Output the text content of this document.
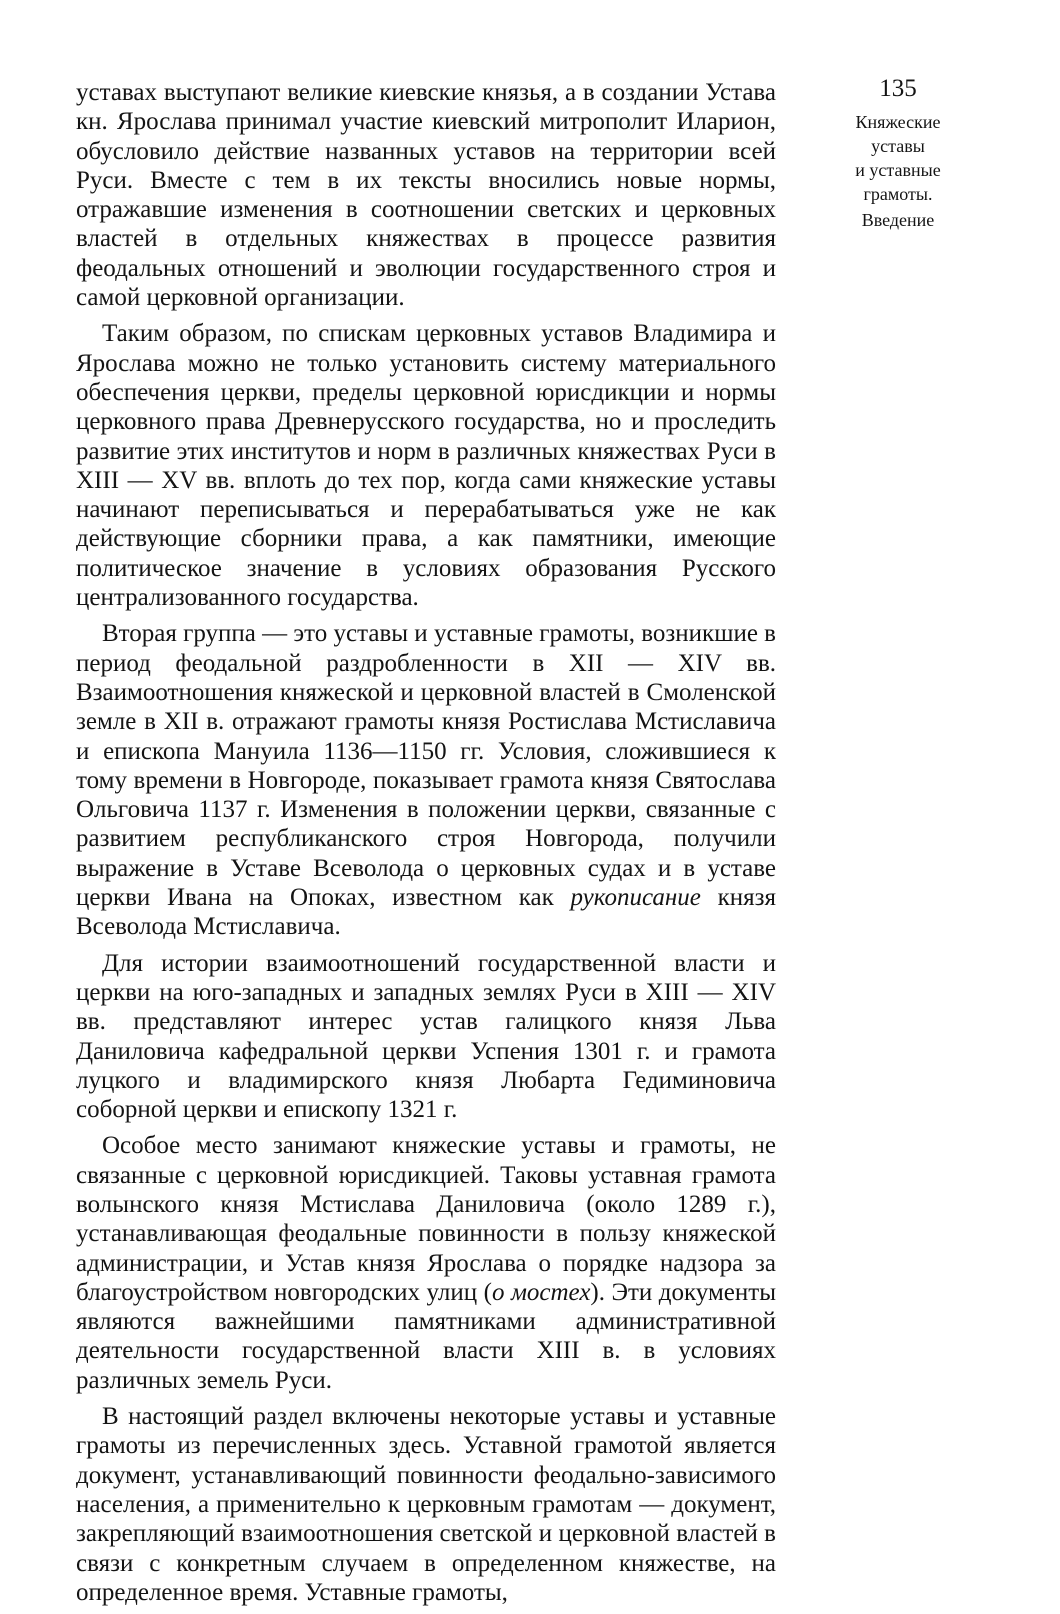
уставах выступают великие киевские князья, а в создании Устава кн. Ярослава принимал участие киевский митрополит Иларион, обусловило действие названных уставов на территории всей Руси. Вместе с тем в их тексты вносились новые нормы, отражавшие изменения в соотношении светских и церковных властей в отдельных княжествах в процессе развития феодальных отношений и эволюции государственного строя и самой церковной организации.

Таким образом, по спискам церковных уставов Владимира и Ярослава можно не только установить систему материального обеспечения церкви, пределы церковной юрисдикции и нормы церковного права Древнерусского государства, но и проследить развитие этих институтов и норм в различных княжествах Руси в XIII — XV вв. вплоть до тех пор, когда сами княжеские уставы начинают переписываться и перерабатываться уже не как действующие сборники права, а как памятники, имеющие политическое значение в условиях образования Русского централизованного государства.

Вторая группа — это уставы и уставные грамоты, возникшие в период феодальной раздробленности в XII — XIV вв. Взаимоотношения княжеской и церковной властей в Смоленской земле в XII в. отражают грамоты князя Ростислава Мстиславича и епископа Мануила 1136—1150 гг. Условия, сложившиеся к тому времени в Новгороде, показывает грамота князя Святослава Ольговича 1137 г. Изменения в положении церкви, связанные с развитием республиканского строя Новгорода, получили выражение в Уставе Всеволода о церковных судах и в уставе церкви Ивана на Опоках, известном как рукописание князя Всеволода Мстиславича.

Для истории взаимоотношений государственной власти и церкви на юго-западных и западных землях Руси в XIII — XIV вв. представляют интерес устав галицкого князя Льва Даниловича кафедральной церкви Успения 1301 г. и грамота луцкого и владимирского князя Любарта Гедиминовича соборной церкви и епископу 1321 г.

Особое место занимают княжеские уставы и грамоты, не связанные с церковной юрисдикцией. Таковы уставная грамота волынского князя Мстислава Даниловича (около 1289 г.), устанавливающая феодальные повинности в пользу княжеской администрации, и Устав князя Ярослава о порядке надзора за благоустройством новгородских улиц (о мостех). Эти документы являются важнейшими памятниками административной деятельности государственной власти XIII в. в условиях различных земель Руси.

В настоящий раздел включены некоторые уставы и уставные грамоты из перечисленных здесь. Уставной грамотой является документ, устанавливающий повинности феодально-зависимого населения, а применительно к церковным грамотам — документ, закрепляющий взаимоотношения светской и церковной властей в связи с конкретным случаем в определенном княжестве, на определенное время. Уставные грамоты,

135
Княжеские
уставы
и уставные
грамоты.
Введение
